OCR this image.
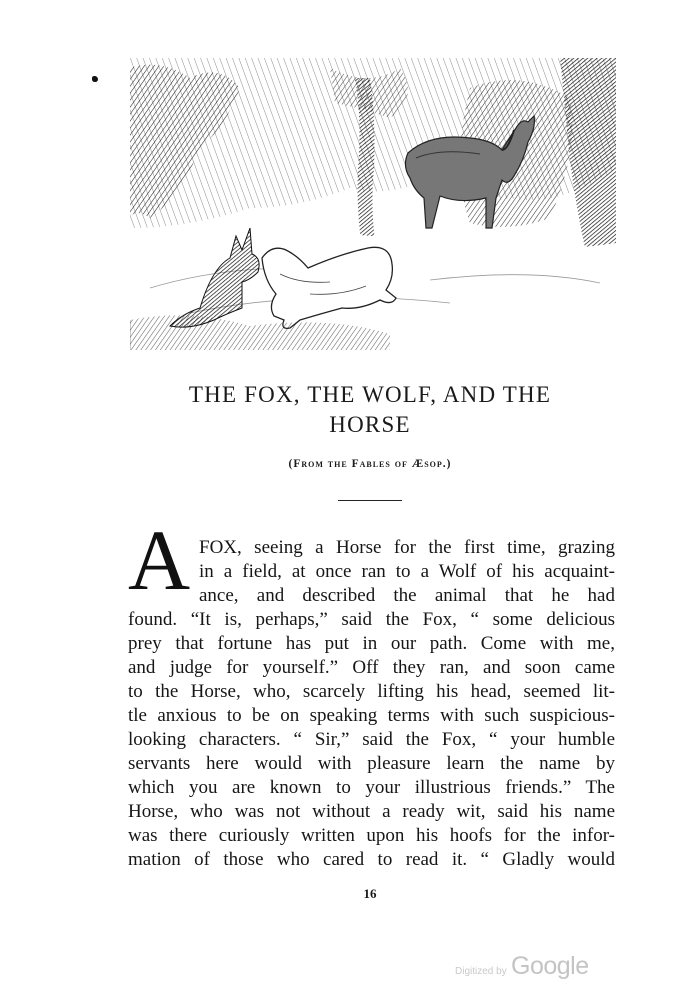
THE FOX, THE WOLF, AND THE
HORSE
(From the Fables of Æsop.)
A FOX, seeing a Horse for the first time, grazing
in a field, at once ran to a Wolf of his acquaint-
ance, and described the animal that he had
found. “It is, perhaps,” said the Fox, “ some delicious
prey that fortune has put in our path. Come with me,
and judge for yourself.” Off they ran, and soon came
to the Horse, who, scarcely lifting his head, seemed lit-
tle anxious to be on speaking terms with such suspicious-
looking characters. “ Sir,” said the Fox, “ your humble
servants here would with pleasure learn the name by
which you are known to your illustrious friends.” The
Horse, who was not without a ready wit, said his name
was there curiously written upon his hoofs for the infor-
mation of those who cared to read it. “ Gladly would
16
Digitized by Google
